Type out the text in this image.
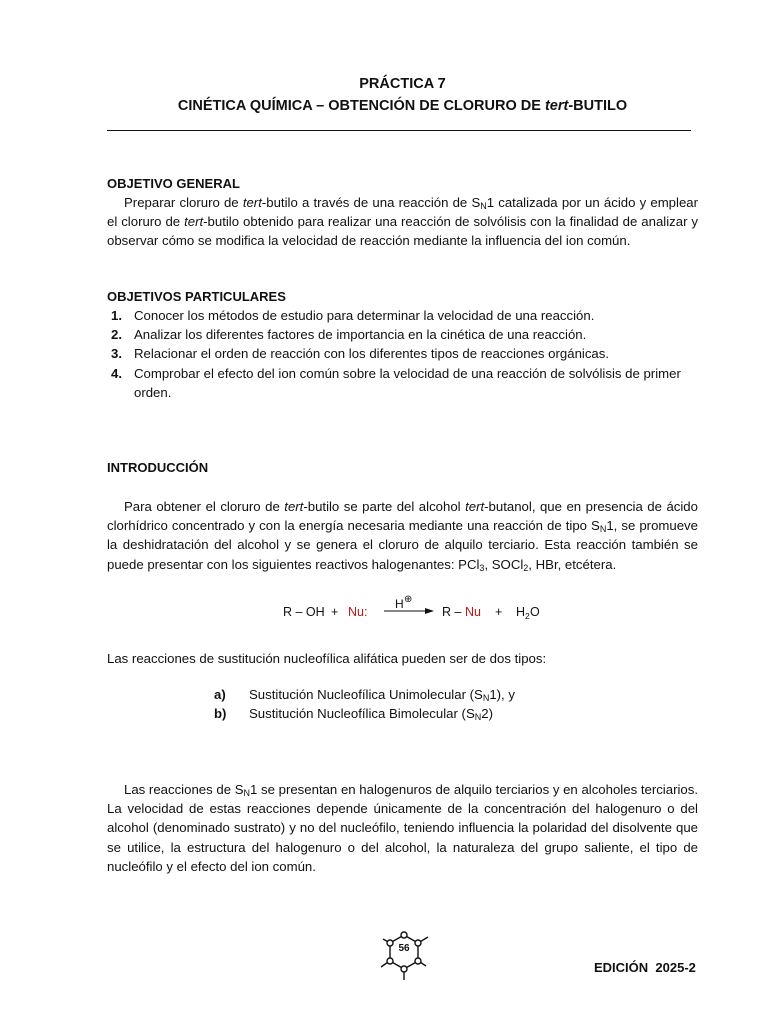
PRÁCTICA 7
CINÉTICA QUÍMICA – OBTENCIÓN DE CLORURO DE tert-BUTILO
OBJETIVO GENERAL
Preparar cloruro de tert-butilo a través de una reacción de $S_N1$ catalizada por un ácido y emplear el cloruro de tert-butilo obtenido para realizar una reacción de solvólisis con la finalidad de analizar y observar cómo se modifica la velocidad de reacción mediante la influencia del ion común.
OBJETIVOS PARTICULARES
1. Conocer los métodos de estudio para determinar la velocidad de una reacción.
2. Analizar los diferentes factores de importancia en la cinética de una reacción.
3. Relacionar el orden de reacción con los diferentes tipos de reacciones orgánicas.
4. Comprobar el efecto del ion común sobre la velocidad de una reacción de solvólisis de primer orden.
INTRODUCCIÓN
Para obtener el cloruro de tert-butilo se parte del alcohol tert-butanol, que en presencia de ácido clorhídrico concentrado y con la energía necesaria mediante una reacción de tipo $S_N1$, se promueve la deshidratación del alcohol y se genera el cloruro de alquilo terciario. Esta reacción también se puede presentar con los siguientes reactivos halogenantes: PCl$_3$, SOCl$_2$, HBr, etcétera.
R – OH + Nu:
H ⊕
R – Nu + H 2 O
Las reacciones de sustitución nucleofílica alifática pueden ser de dos tipos:
a) Sustitución Nucleofílica Unimolecular $(S_N1)$, y
b) Sustitución Nucleofílica Bimolecular $(S_N2)$
Las reacciones de $S_N1$ se presentan en halogenuros de alquilo terciarios y en alcoholes terciarios. La velocidad de estas reacciones depende únicamente de la concentración del halogenuro o del alcohol (denominado sustrato) y no del nucleófilo, teniendo influencia la polaridad del disolvente que se utilice, la estructura del halogenuro o del alcohol, la naturaleza del grupo saliente, el tipo de nucleófilo y el efecto del ion común.
56
EDICIÓN 2025-2
